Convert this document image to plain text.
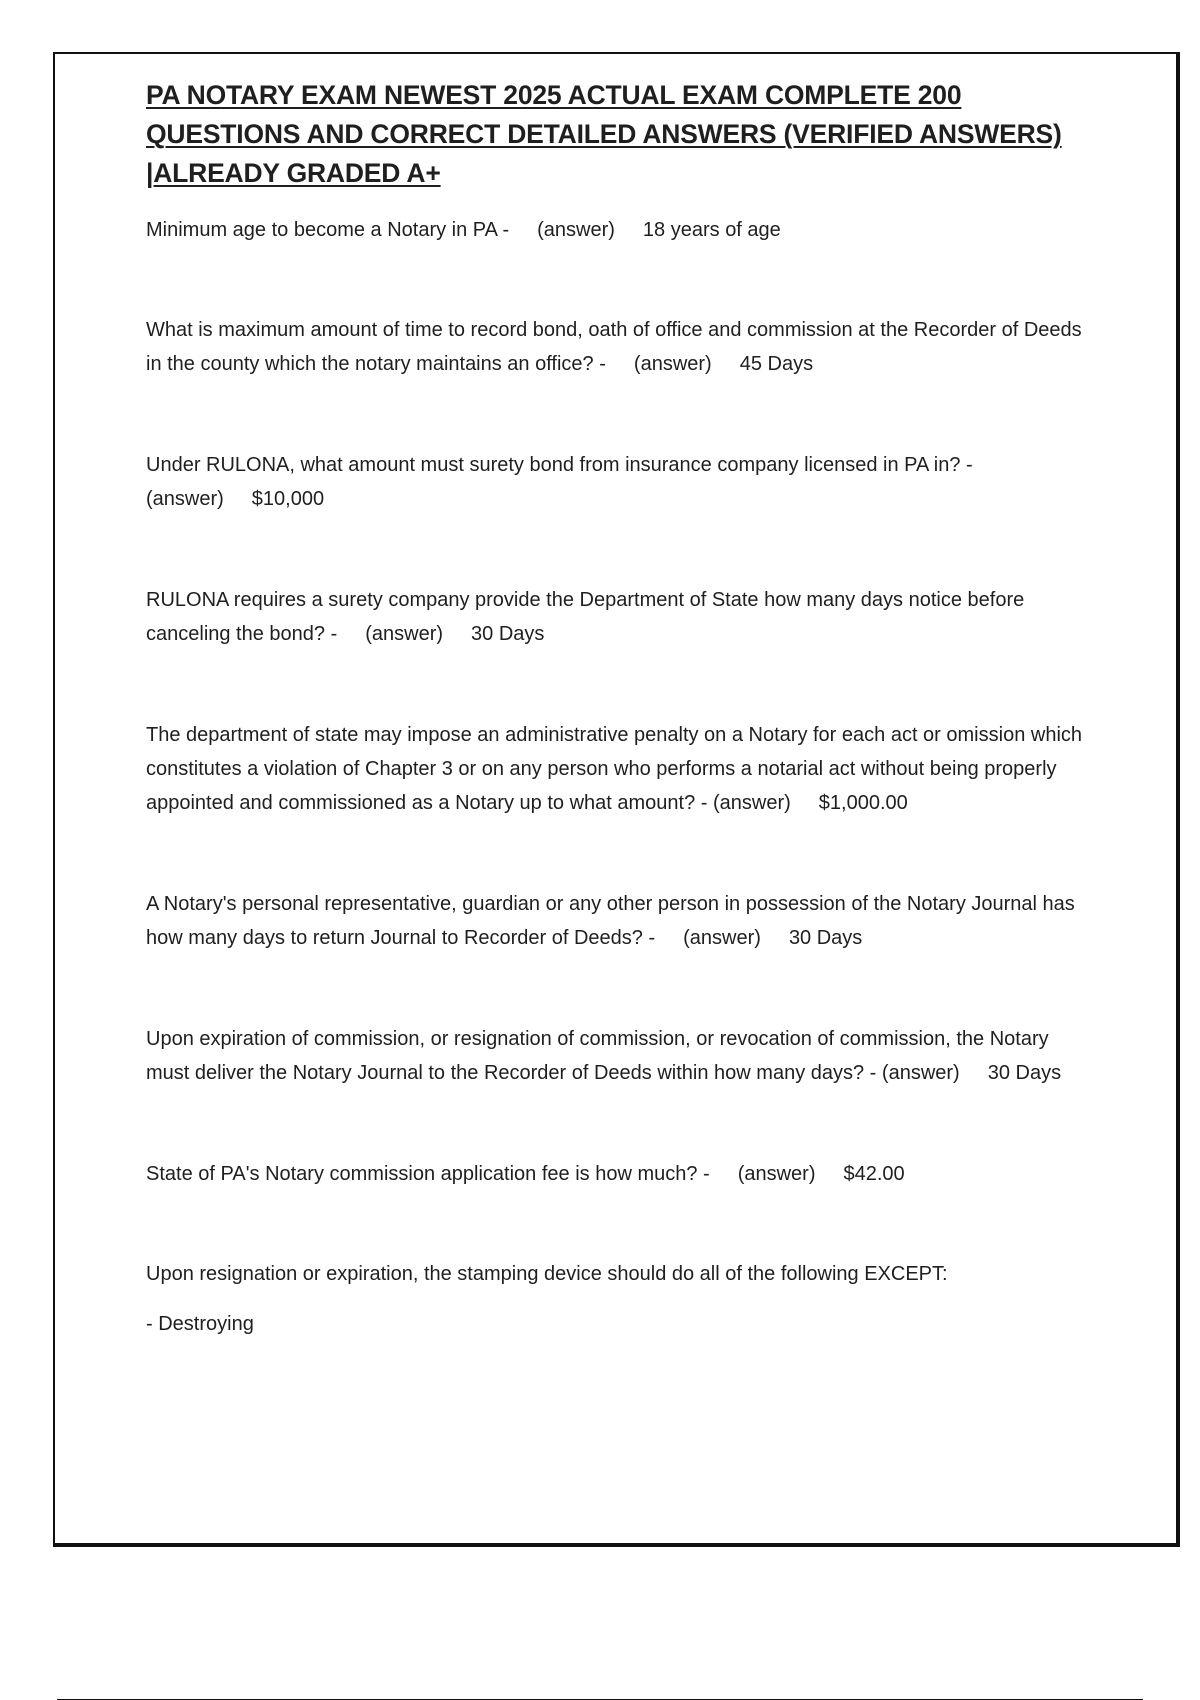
PA NOTARY EXAM NEWEST 2025 ACTUAL EXAM COMPLETE 200 QUESTIONS AND CORRECT DETAILED ANSWERS (VERIFIED ANSWERS) |ALREADY GRADED A+

Minimum age to become a Notary in PA - (answer) 18 years of age

What is maximum amount of time to record bond, oath of office and commission at the Recorder of Deeds in the county which the notary maintains an office? - (answer) 45 Days

Under RULONA, what amount must surety bond from insurance company licensed in PA in? - (answer) $10,000

RULONA requires a surety company provide the Department of State how many days notice before canceling the bond? - (answer) 30 Days

The department of state may impose an administrative penalty on a Notary for each act or omission which constitutes a violation of Chapter 3 or on any person who performs a notarial act without being properly appointed and commissioned as a Notary up to what amount? - (answer) $1,000.00

A Notary's personal representative, guardian or any other person in possession of the Notary Journal has how many days to return Journal to Recorder of Deeds? - (answer) 30 Days

Upon expiration of commission, or resignation of commission, or revocation of commission, the Notary must deliver the Notary Journal to the Recorder of Deeds within how many days? - (answer) 30 Days

State of PA's Notary commission application fee is how much? - (answer) $42.00

Upon resignation or expiration, the stamping device should do all of the following EXCEPT:

- Destroying
